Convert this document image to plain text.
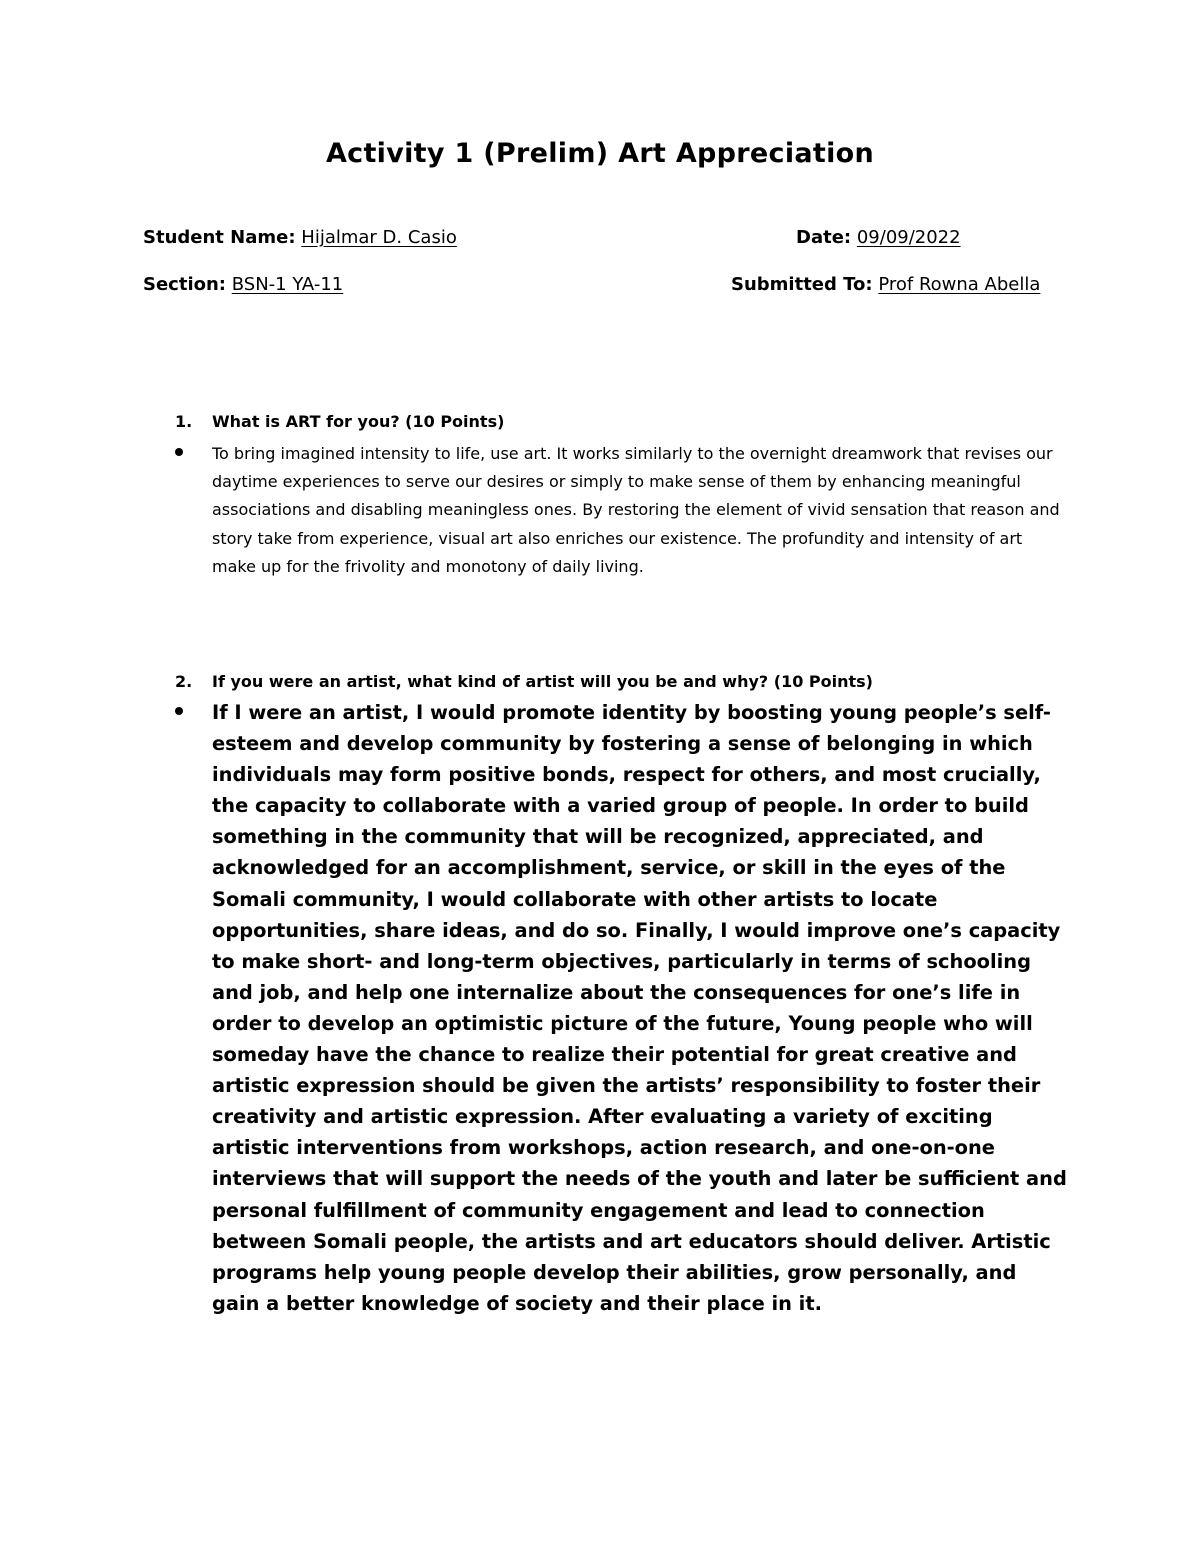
Activity 1 (Prelim) Art Appreciation
Student Name: Hijalmar D. Casio	Date: 09/09/2022
Section: BSN-1 YA-11	Submitted To: Prof Rowna Abella
1. What is ART for you? (10 Points)

To bring imagined intensity to life, use art. It works similarly to the overnight dreamwork that revises our daytime experiences to serve our desires or simply to make sense of them by enhancing meaningful associations and disabling meaningless ones. By restoring the element of vivid sensation that reason and story take from experience, visual art also enriches our existence. The profundity and intensity of art make up for the frivolity and monotony of daily living.

2. If you were an artist, what kind of artist will you be and why? (10 Points)

If I were an artist, I would promote identity by boosting young people’s self-esteem and develop community by fostering a sense of belonging in which individuals may form positive bonds, respect for others, and most crucially, the capacity to collaborate with a varied group of people. In order to build something in the community that will be recognized, appreciated, and acknowledged for an accomplishment, service, or skill in the eyes of the Somali community, I would collaborate with other artists to locate opportunities, share ideas, and do so. Finally, I would improve one’s capacity to make short- and long-term objectives, particularly in terms of schooling and job, and help one internalize about the consequences for one’s life in order to develop an optimistic picture of the future, Young people who will someday have the chance to realize their potential for great creative and artistic expression should be given the artists’ responsibility to foster their creativity and artistic expression. After evaluating a variety of exciting artistic interventions from workshops, action research, and one-on-one interviews that will support the needs of the youth and later be sufficient and personal fulfillment of community engagement and lead to connection between Somali people, the artists and art educators should deliver. Artistic programs help young people develop their abilities, grow personally, and gain a better knowledge of society and their place in it.
